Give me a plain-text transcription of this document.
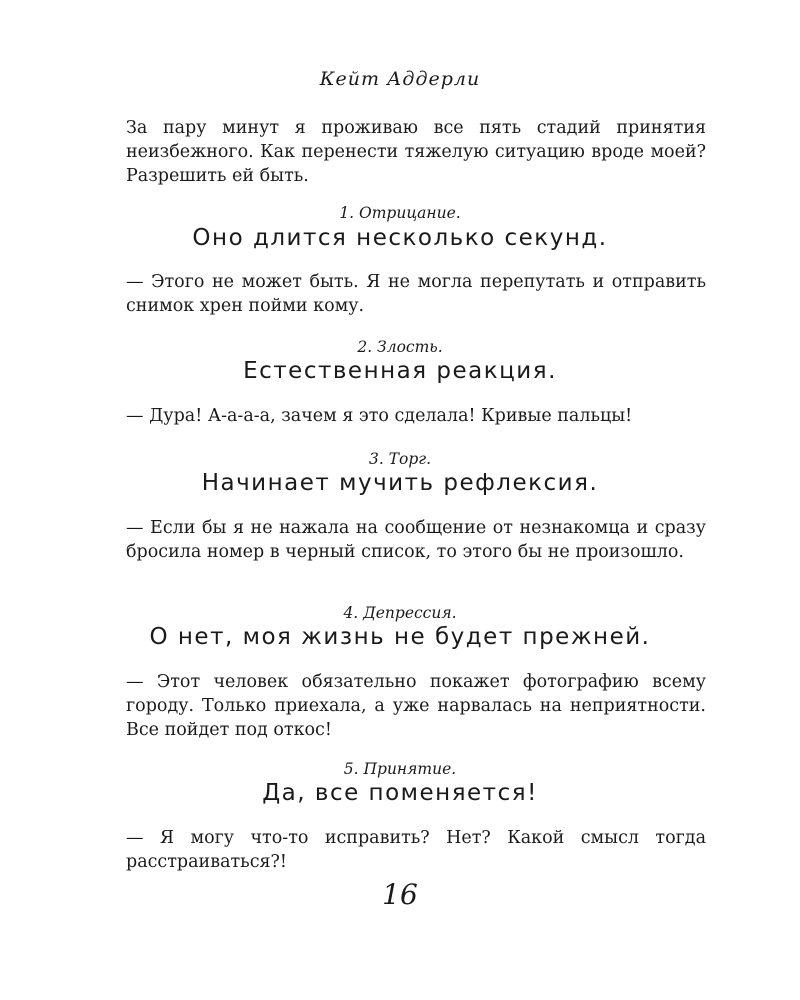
Кейт Аддерли

За пару минут я проживаю все пять стадий принятия неизбежного. Как перенести тяжелую ситуацию вроде моей? Разрешить ей быть.

1. Отрицание.
Оно длится несколько секунд.

— Этого не может быть. Я не могла перепутать и отправить снимок хрен пойми кому.

2. Злость.
Естественная реакция.

— Дура! А-а-а-а, зачем я это сделала! Кривые пальцы!

3. Торг.
Начинает мучить рефлексия.

— Если бы я не нажала на сообщение от незнакомца и сразу бросила номер в черный список, то этого бы не произошло.

4. Депрессия.
О нет, моя жизнь не будет прежней.

— Этот человек обязательно покажет фотографию всему городу. Только приехала, а уже нарвалась на неприятности. Все пойдет под откос!

5. Принятие.
Да, все поменяется!

— Я могу что-то исправить? Нет? Какой смысл тогда расстраиваться?!

16
